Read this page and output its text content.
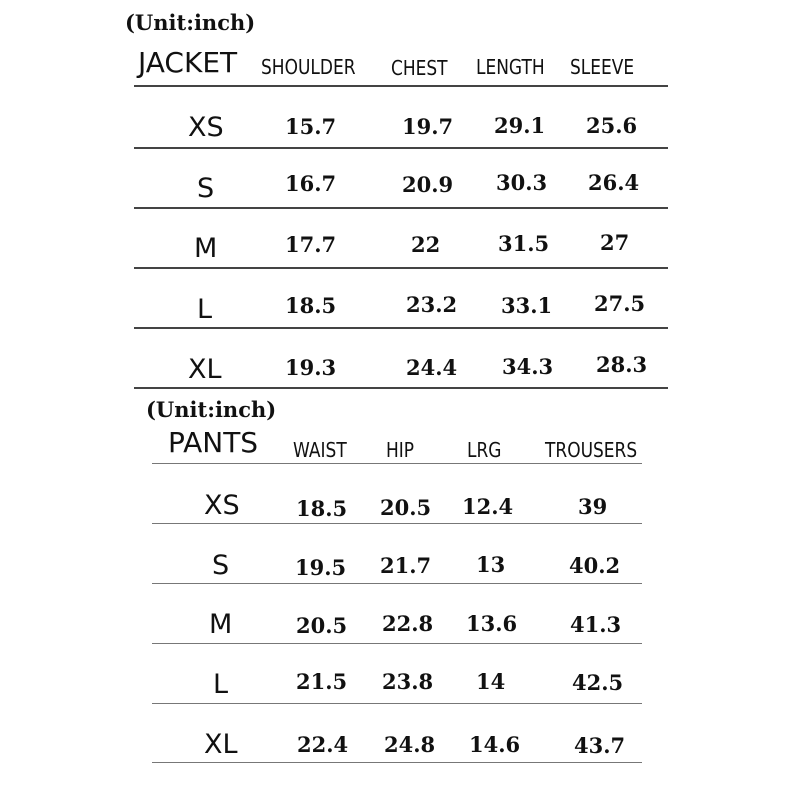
(Unit:inch)
JACKET SHOULDER CHEST LENGTH SLEEVE
XS	15.7	19.7 29.1 25.6
S	16.7	20.9 30.3 26.4
M	17.7	22	31.5 27
L	18.5	23.2 33.1 27.5
XL	19.3	24.4 34.3 28.3
(Unit:inch)
PANTS WAIST HIP	LRG TROUSERS
XS	18.5 20.5 12.4	39
S	19.5 21.7 13	40.2
M	20.5 22.8 13.6	41.3
L	21.5 23.8 14	42.5
XL	22.4 24.8 14.6	43.7
